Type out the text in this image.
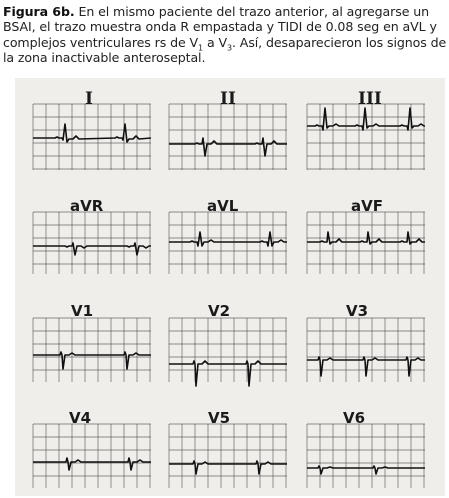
Figura 6b. En el mismo paciente del trazo anterior, al agregarse un BSAI, el trazo muestra onda R empastada y TIDI de 0.08 seg en aVL y complejos ventriculares rs de $V_1$ a $V_3$. Así, desaparecieron los signos de la zona inactivable anteroseptal.
I	II	III
aVR	aVL	aVF
V1	V2	V3
V4	V5	V6
